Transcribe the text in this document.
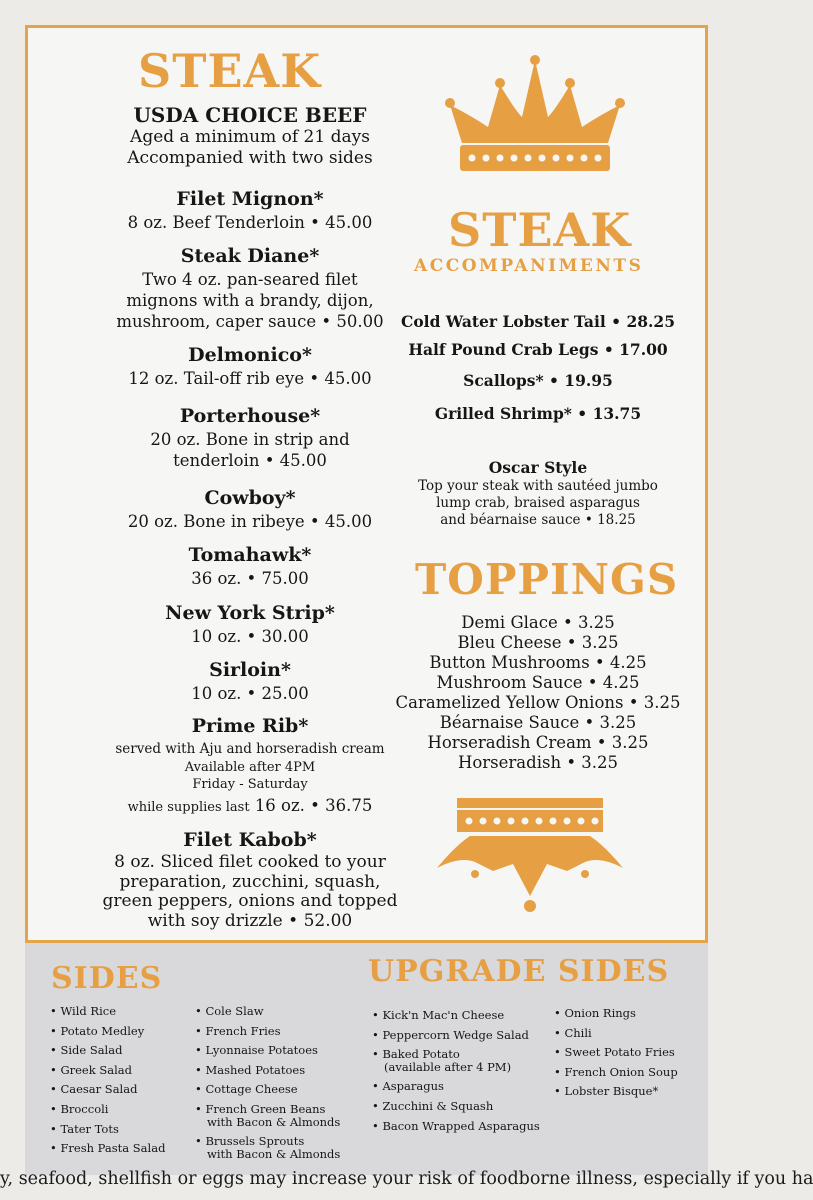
STEAK

USDA CHOICE BEEF

Aged a minimum of 21 days

Accompanied with two sides

Filet Mignon*

8 oz. Beef Tenderloin • 45.00

Steak Diane*

Two 4 oz. pan-seared filet

mignons with a brandy, dijon,

mushroom, caper sauce • 50.00

Delmonico*

12 oz. Tail-off rib eye • 45.00

Porterhouse*

20 oz. Bone in strip and

tenderloin • 45.00

Cowboy*

20 oz. Bone in ribeye • 45.00

Tomahawk*

36 oz. • 75.00

New York Strip*

10 oz. • 30.00

Sirloin*

10 oz. • 25.00

Prime Rib*

served with Aju and horseradish cream

Available after 4PM

Friday - Saturday

while supplies last 16 oz. • 36.75

Filet Kabob*

8 oz. Sliced filet cooked to your

preparation, zucchini, squash,

green peppers, onions and topped

with soy drizzle • 52.00

STEAK

ACCOMPANIMENTS

Cold Water Lobster Tail • 28.25

Half Pound Crab Legs • 17.00

Scallops* • 19.95

Grilled Shrimp* • 13.75

Oscar Style

Top your steak with sautéed jumbo

lump crab, braised asparagus

and béarnaise sauce • 18.25

TOPPINGS

Demi Glace • 3.25

Bleu Cheese • 3.25

Button Mushrooms • 4.25

Mushroom Sauce • 4.25

Caramelized Yellow Onions • 3.25

Béarnaise Sauce • 3.25

Horseradish Cream • 3.25

Horseradish • 3.25

SIDES	UPGRADE SIDES
• Wild Rice
• Potato Medley
• Side Salad
• Greek Salad
• Caesar Salad
• Broccoli
• Tater Tots
• Fresh Pasta Salad
• Cole Slaw
• French Fries
• Lyonnaise Potatoes
• Mashed Potatoes
• Cottage Cheese
• French Green Beans
with Bacon & Almonds
• Brussels Sprouts
with Bacon & Almonds
• Kick'n Mac'n Cheese
• Peppercorn Wedge Salad
• Baked Potato
(available after 4 PM)
• Asparagus
• Zucchini & Squash
• Bacon Wrapped Asparagus
• Onion Rings
• Chili
• Sweet Potato Fries
• French Onion Soup
• Lobster Bisque*
y, seafood, shellfish or eggs may increase your risk of foodborne illness, especially if you ha
